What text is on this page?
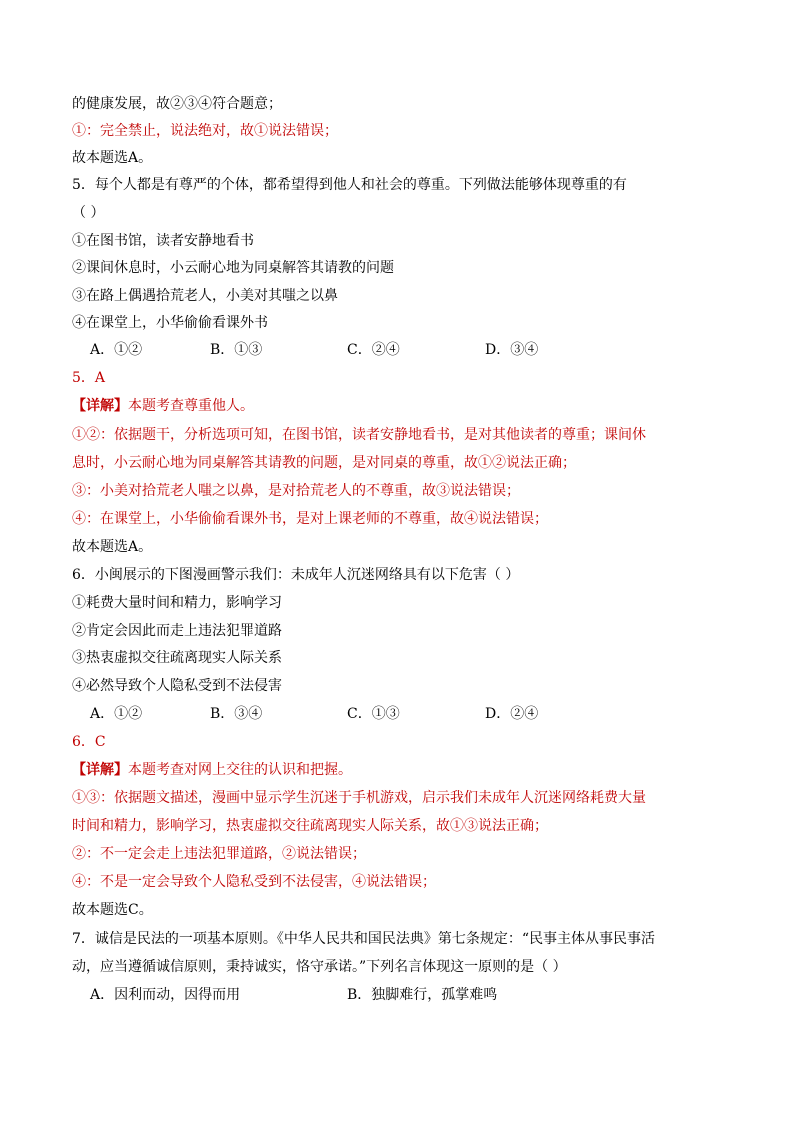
的健康发展，故②③④符合题意；
①：完全禁止，说法绝对，故①说法错误；
故本题选A。
5．每个人都是有尊严的个体，都希望得到他人和社会的尊重。下列做法能够体现尊重的有
（ ）
①在图书馆，读者安静地看书
②课间休息时，小云耐心地为同桌解答其请教的问题
③在路上偶遇拾荒老人，小美对其嗤之以鼻
④在课堂上，小华偷偷看课外书
A．①②	B．①③	C．②④	D．③④
5．A
【详解】本题考查尊重他人。
①②：依据题干，分析选项可知，在图书馆，读者安静地看书，是对其他读者的尊重；课间休
息时，小云耐心地为同桌解答其请教的问题，是对同桌的尊重，故①②说法正确；
③：小美对拾荒老人嗤之以鼻，是对拾荒老人的不尊重，故③说法错误；
④：在课堂上，小华偷偷看课外书，是对上课老师的不尊重，故④说法错误；
故本题选A。
6．小闽展示的下图漫画警示我们：未成年人沉迷网络具有以下危害（ ）
①耗费大量时间和精力，影响学习
②肯定会因此而走上违法犯罪道路
③热衷虚拟交往疏离现实人际关系
④必然导致个人隐私受到不法侵害
A．①②	B．③④	C．①③	D．②④
6．C
【详解】本题考查对网上交往的认识和把握。
①③：依据题文描述，漫画中显示学生沉迷于手机游戏，启示我们未成年人沉迷网络耗费大量
时间和精力，影响学习，热衷虚拟交往疏离现实人际关系，故①③说法正确；
②：不一定会走上违法犯罪道路，②说法错误；
④：不是一定会导致个人隐私受到不法侵害，④说法错误；
故本题选C。
7．诚信是民法的一项基本原则。《中华人民共和国民法典》第七条规定：“民事主体从事民事活
动，应当遵循诚信原则，秉持诚实，恪守承诺。”下列名言体现这一原则的是（ ）
A．因利而动，因得而用	B．独脚难行，孤掌难鸣
